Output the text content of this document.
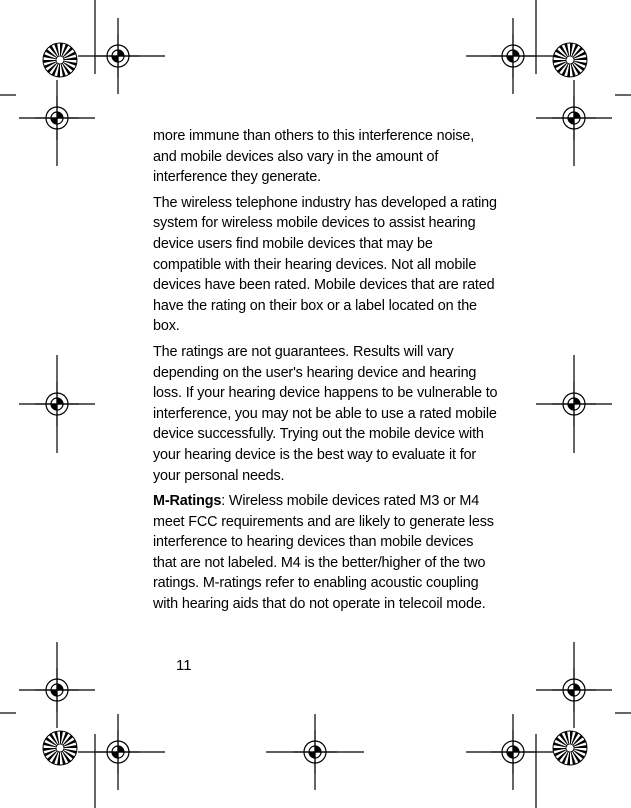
more immune than others to this interference noise, and mobile devices also vary in the amount of interference they generate.

The wireless telephone industry has developed a rating system for wireless mobile devices to assist hearing device users find mobile devices that may be compatible with their hearing devices. Not all mobile devices have been rated. Mobile devices that are rated have the rating on their box or a label located on the box.

The ratings are not guarantees. Results will vary depending on the user's hearing device and hearing loss. If your hearing device happens to be vulnerable to interference, you may not be able to use a rated mobile device successfully. Trying out the mobile device with your hearing device is the best way to evaluate it for your personal needs.

M-Ratings: Wireless mobile devices rated M3 or M4 meet FCC requirements and are likely to generate less interference to hearing devices than mobile devices that are not labeled. M4 is the better/higher of the two ratings. M-ratings refer to enabling acoustic coupling with hearing aids that do not operate in telecoil mode.

11
